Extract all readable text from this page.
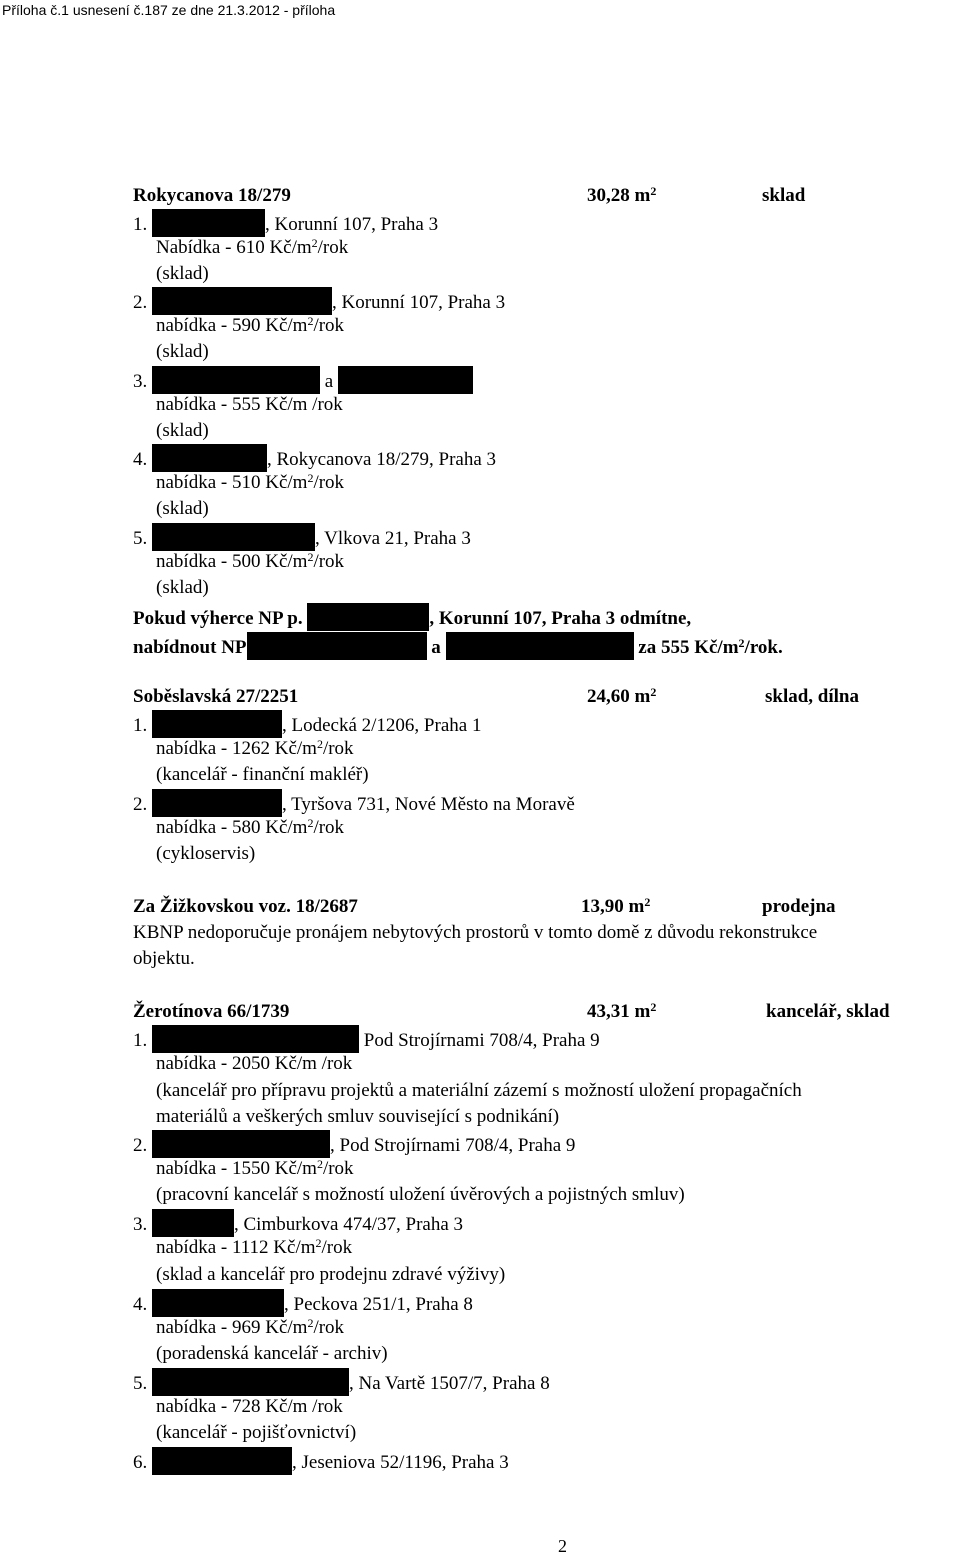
Příloha č.1 usnesení č.187 ze dne 21.3.2012 - příloha
Rokycanova 18/279	30,28 $m^2$	sklad
1.	, Korunní 107, Praha 3
Nabídka - 610 $Kč/m^2$/rok
(sklad)
2.	, Korunní 107, Praha 3
nabídka - 590 $Kč/m^2$/rok
(sklad)
3.	a
nabídka - 555 Kč/m /rok
(sklad)
4.	, Rokycanova 18/279, Praha 3
nabídka - 510 $Kč/m^2$/rok
(sklad)
5.	, Vlkova 21, Praha 3
nabídka - 500 $Kč/m^2$/rok
(sklad)
Pokud výherce NP p.	, Korunní 107, Praha 3 odmítne,
nabídnout NP	a	za 555 $Kč/m^2$/rok.
Soběslavská 27/2251	24,60 $m^2$	sklad, dílna
1.	, Lodecká 2/1206, Praha 1
nabídka - 1262 $Kč/m^2$/rok
(kancelář - finanční makléř)
2.	, Tyršova 731, Nové Město na Moravě
nabídka - 580 $Kč/m^2$/rok
(cykloservis)
Za Žižkovskou voz. 18/2687	13,90 $m^2$	prodejna
KBNP nedoporučuje pronájem nebytových prostorů v tomto domě z důvodu rekonstrukce
objektu.
Žerotínova 66/1739	43,31 $m^2$	kancelář, sklad
1.	Pod Strojírnami 708/4, Praha 9
nabídka - 2050 Kč/m /rok
(kancelář pro přípravu projektů a materiální zázemí s možností uložení propagačních
materiálů a veškerých smluv související s podnikání)
2.	, Pod Strojírnami 708/4, Praha 9
nabídka - 1550 $Kč/m^2$/rok
(pracovní kancelář s možností uložení úvěrových a pojistných smluv)
3.	, Cimburkova 474/37, Praha 3
nabídka - 1112 $Kč/m^2$/rok
(sklad a kancelář pro prodejnu zdravé výživy)
4.	, Peckova 251/1, Praha 8
nabídka - 969 $Kč/m^2$/rok
(poradenská kancelář - archiv)
5.	, Na Vartě 1507/7, Praha 8
nabídka - 728 Kč/m /rok
(kancelář - pojišťovnictví)
6.	, Jeseniova 52/1196, Praha 3
2
